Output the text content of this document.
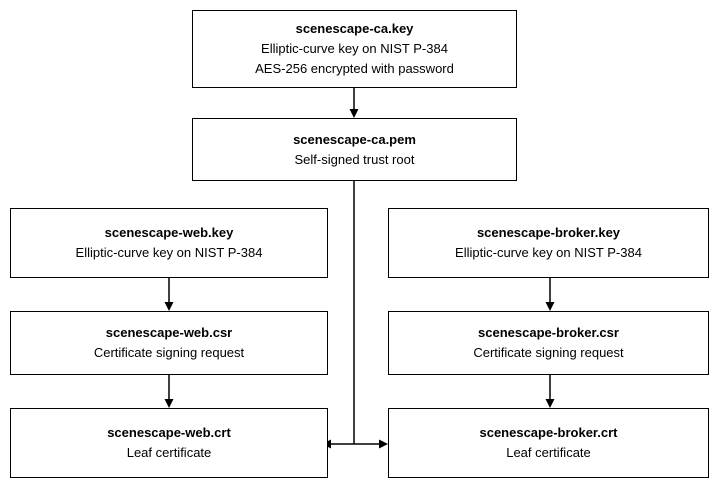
scenescape-ca.key
Elliptic-curve key on NIST P-384
AES-256 encrypted with password
scenescape-ca.pem
Self-signed trust root
scenescape-web.key
Elliptic-curve key on NIST P-384
scenescape-broker.key
Elliptic-curve key on NIST P-384
scenescape-web.csr
Certificate signing request
scenescape-broker.csr
Certificate signing request
scenescape-web.crt
Leaf certificate
scenescape-broker.crt
Leaf certificate
